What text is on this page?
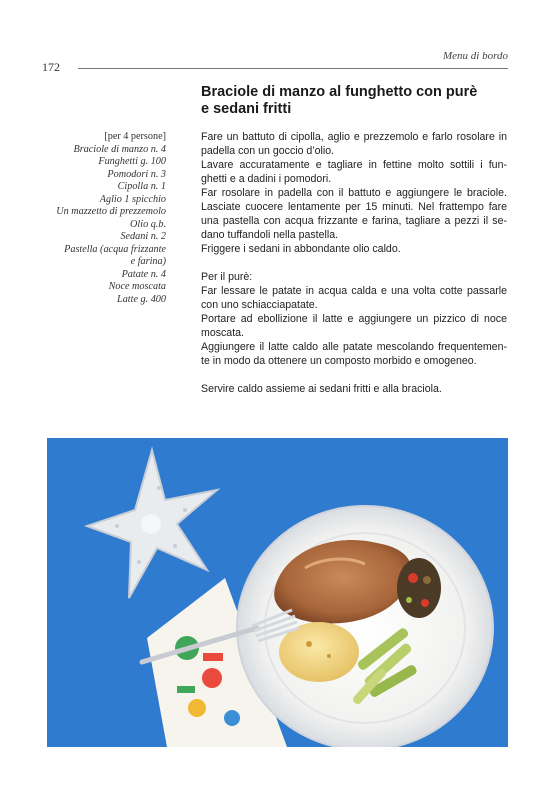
Menu di bordo
172
Braciole di manzo al funghetto con purè
e sedani fritti
[per 4 persone]
Braciole di manzo n. 4
Funghetti g. 100
Pomodori n. 3
Cipolla n. 1
Aglio 1 spicchio
Un mazzetto di prezzemolo
Olio q.b.
Sedani n. 2
Pastella (acqua frizzante
e farina)
Patate n. 4
Noce moscata
Latte g. 400
Fare un battuto di cipolla, aglio e prezzemolo e farlo rosolare in
padella con un goccio d’olio.
Lavare accuratamente e tagliare in fettine molto sottili i fun-
ghetti e a dadini i pomodori.
Far rosolare in padella con il battuto e aggiungere le braciole.
Lasciate cuocere lentamente per 15 minuti. Nel frattempo fare
una pastella con acqua frizzante e farina, tagliare a pezzi il se-
dano tuffandoli nella pastella.
Friggere i sedani in abbondante olio caldo.
Per il purè:
Far lessare le patate in acqua calda e una volta cotte passarle
con uno schiacciapatate.
Portare ad ebollizione il latte e aggiungere un pizzico di noce
moscata.
Aggiungere il latte caldo alle patate mescolando frequentemen-
te in modo da ottenere un composto morbido e omogeneo.
Servire caldo assieme ai sedani fritti e alla braciola.
